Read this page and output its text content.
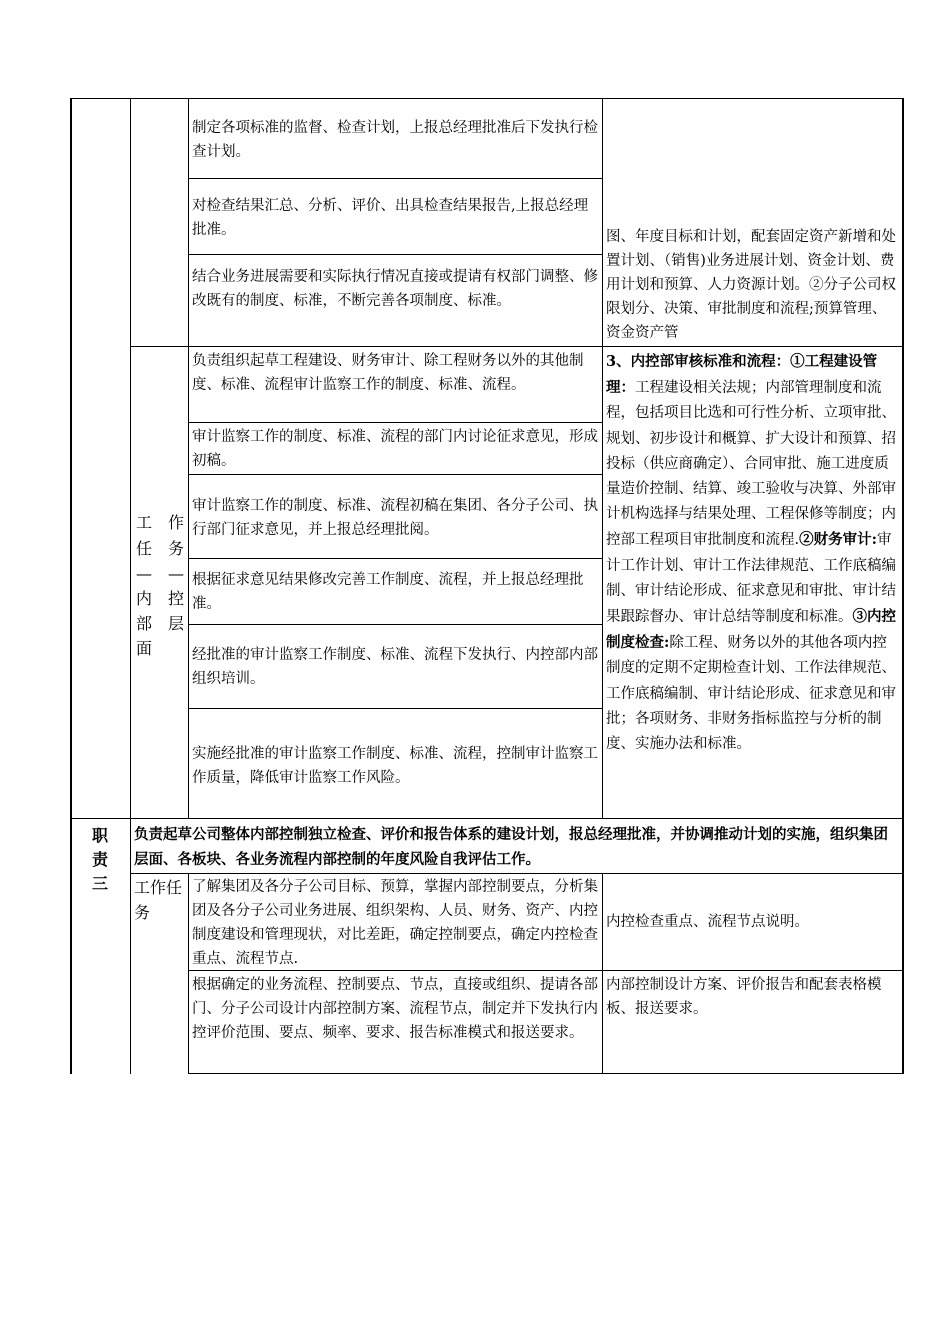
制定各项标准的监督、检查计划，上报总经理批准后下发执行检查计划。
对检查结果汇总、分析、评价、出具检查结果报告,上报总经理批准。
结合业务进展需要和实际执行情况直接或提请有权部门调整、修改既有的制度、标准，不断完善各项制度、标准。
图、年度目标和计划，配套固定资产新增和处置计划、（销售)业务进展计划、资金计划、费用计划和预算、人力资源计划。②分子公司权限划分、决策、审批制度和流程;预算管理、资金资产管
工
任
—
内
部
面
作
务
—
控
层
负责组织起草工程建设、财务审计、除工程财务以外的其他制度、标准、流程审计监察工作的制度、标准、流程。
审计监察工作的制度、标准、流程的部门内讨论征求意见，形成初稿。
审计监察工作的制度、标准、流程初稿在集团、各分子公司、执行部门征求意见，并上报总经理批阅。
根据征求意见结果修改完善工作制度、流程，并上报总经理批准。
经批准的审计监察工作制度、标准、流程下发执行、内控部内部组织培训。
实施经批准的审计监察工作制度、标准、流程，控制审计监察工作质量，降低审计监察工作风险。
3、内控部审核标准和流程：①工程建设管理：工程建设相关法规；内部管理制度和流程，包括项目比选和可行性分析、立项审批、规划、初步设计和概算、扩大设计和预算、招投标（供应商确定）、合同审批、施工进度质量造价控制、结算、竣工验收与决算、外部审计机构选择与结果处理、工程保修等制度；内控部工程项目审批制度和流程.②财务审计:审计工作计划、审计工作法律规范、工作底稿编制、审计结论形成、征求意见和审批、审计结果跟踪督办、审计总结等制度和标准。③内控制度检查:除工程、财务以外的其他各项内控制度的定期不定期检查计划、工作法律规范、工作底稿编制、审计结论形成、征求意见和审批；各项财务、非财务指标监控与分析的制度、实施办法和标准。
职
责
三
负责起草公司整体内部控制独立检查、评价和报告体系的建设计划，报总经理批准，并协调推动计划的实施，组织集团层面、各板块、各业务流程内部控制的年度风险自我评估工作。
工作任务
了解集团及各分子公司目标、预算，掌握内部控制要点，分析集团及各分子公司业务进展、组织架构、人员、财务、资产、内控制度建设和管理现状，对比差距，确定控制要点，确定内控检查重点、流程节点.
内控检查重点、流程节点说明。
根据确定的业务流程、控制要点、节点，直接或组织、提请各部门、分子公司设计内部控制方案、流程节点，制定并下发执行内控评价范围、要点、频率、要求、报告标准模式和报送要求。
内部控制设计方案、评价报告和配套表格模板、报送要求。
